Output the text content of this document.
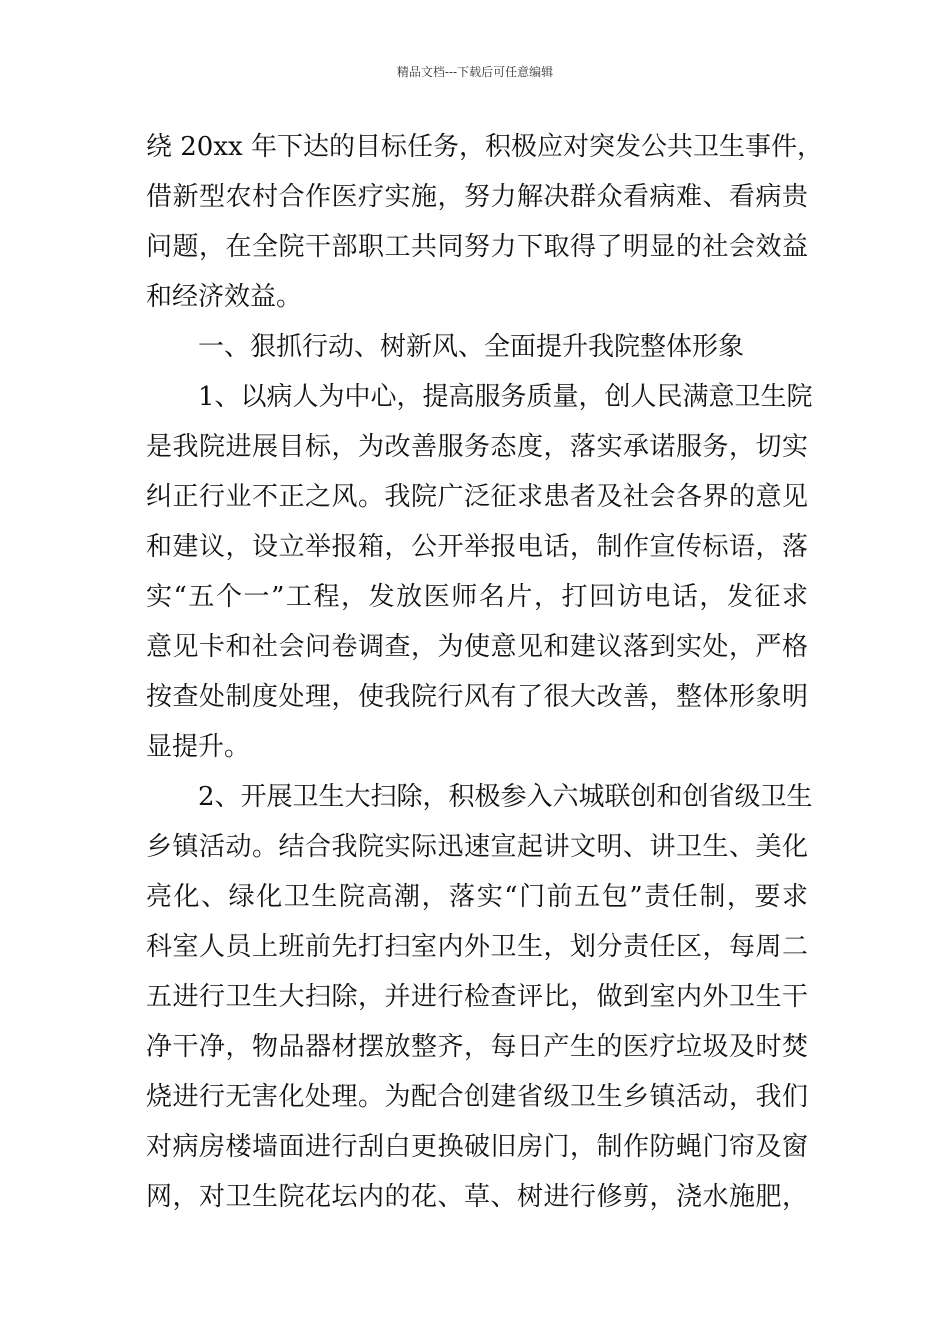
精品文档---下载后可任意编辑
绕 20xx 年下达的目标任务，积极应对突发公共卫生事件，
借新型农村合作医疗实施，努力解决群众看病难、看病贵
问题，在全院干部职工共同努力下取得了明显的社会效益
和经济效益。
一、狠抓行动、树新风、全面提升我院整体形象
1、以病人为中心，提高服务质量，创人民满意卫生院
是我院进展目标，为改善服务态度，落实承诺服务，切实
纠正行业不正之风。我院广泛征求患者及社会各界的意见
和建议，设立举报箱，公开举报电话，制作宣传标语，落
实“五个一”工程，发放医师名片，打回访电话，发征求
意见卡和社会问卷调查，为使意见和建议落到实处，严格
按查处制度处理，使我院行风有了很大改善，整体形象明
显提升。
2、开展卫生大扫除，积极参入六城联创和创省级卫生
乡镇活动。结合我院实际迅速宣起讲文明、讲卫生、美化
亮化、绿化卫生院高潮，落实“门前五包”责任制，要求
科室人员上班前先打扫室内外卫生，划分责任区，每周二
五进行卫生大扫除，并进行检查评比，做到室内外卫生干
净干净，物品器材摆放整齐，每日产生的医疗垃圾及时焚
烧进行无害化处理。为配合创建省级卫生乡镇活动，我们
对病房楼墙面进行刮白更换破旧房门，制作防蝇门帘及窗
网，对卫生院花坛内的花、草、树进行修剪，浇水施肥，
